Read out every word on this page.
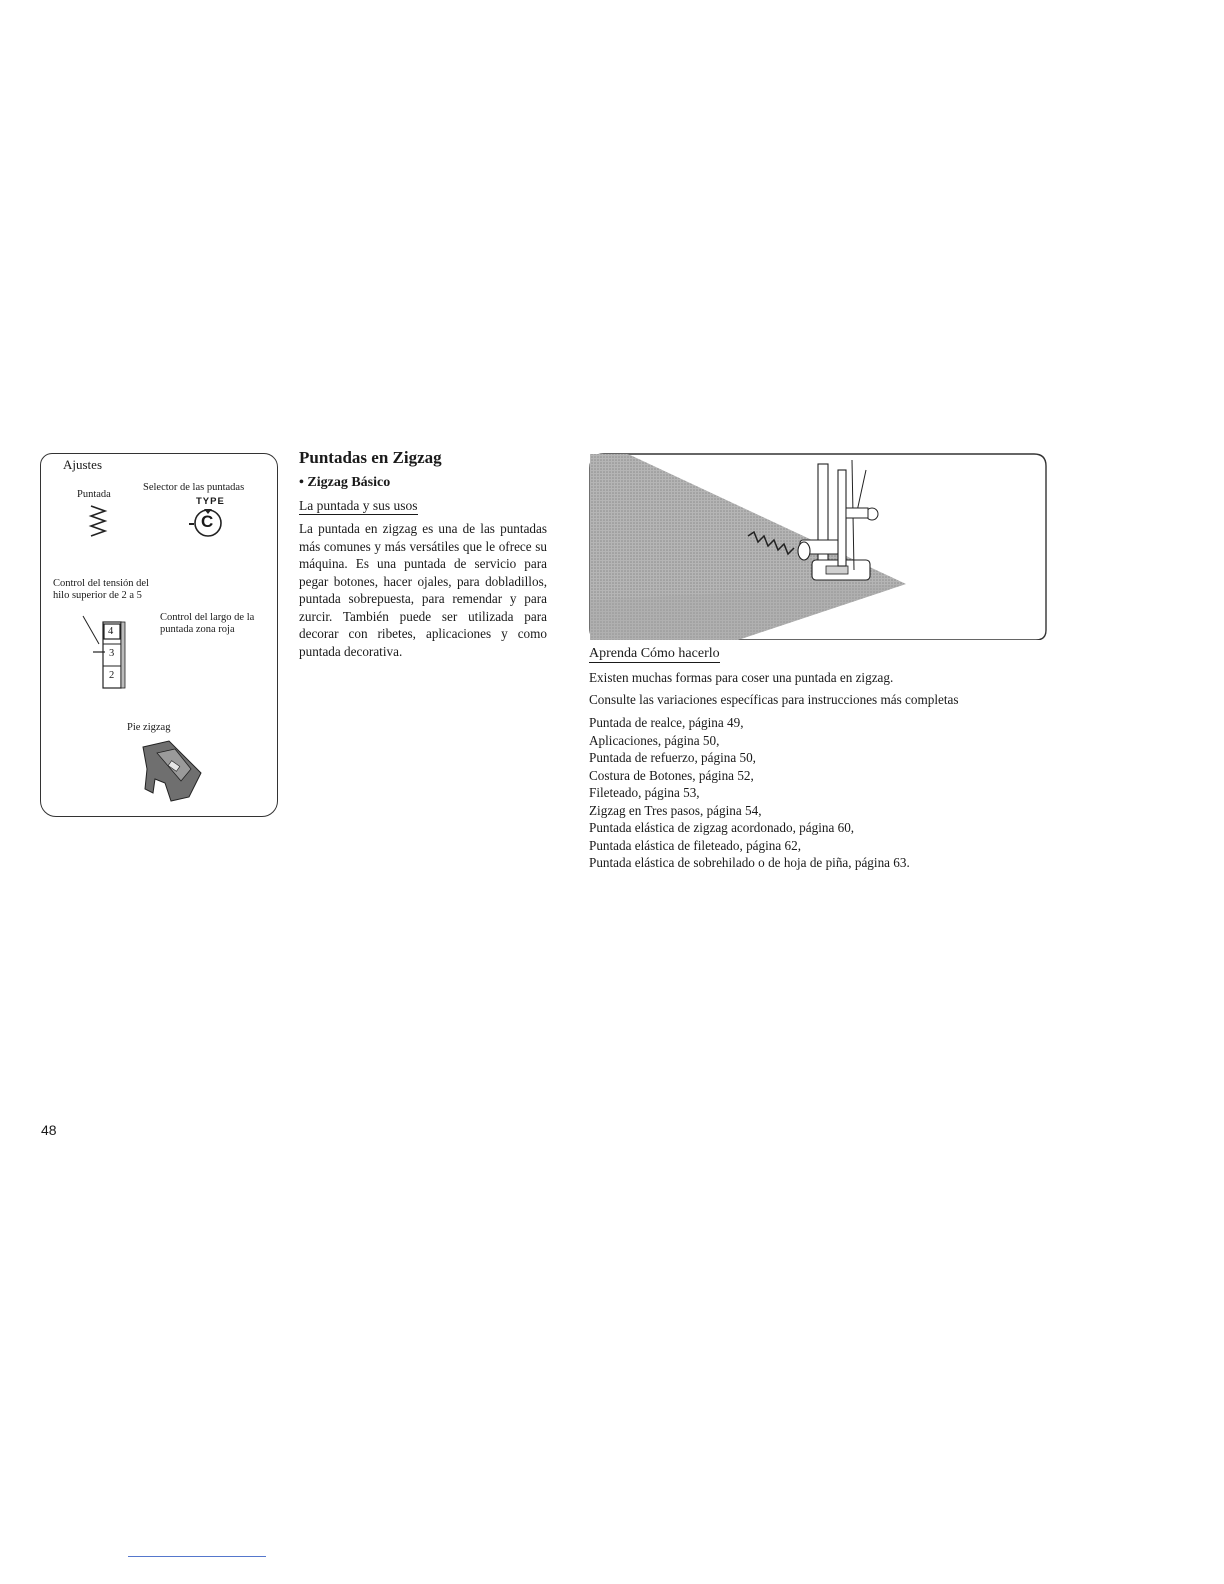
Ajustes
Puntada
Selector de las puntadas
TYPE
C
Control del tensión del hilo superior de 2 a 5
4
3
2
Control del largo de la puntada zona roja
Pie zigzag
Puntadas en Zigzag
• Zigzag Básico
La puntada y sus usos
La puntada en zigzag es una de las puntadas más comunes y más versátiles que le ofrece su máquina. Es una puntada de servicio para pegar botones, hacer ojales, para dobladillos, puntada sobrepuesta, para remendar y para zurcir. También puede ser utilizada para decorar con ribetes, aplicaciones y como puntada decorativa.	Aprenda Cómo hacerlo
Existen muchas formas para coser una puntada en zigzag.
Consulte las variaciones específicas para instrucciones más completas
Puntada de realce, página 49,
Aplicaciones, página 50,
Puntada de refuerzo, página 50,
Costura de Botones, página 52,
Fileteado, página 53,
Zigzag en Tres pasos, página 54,
Puntada elástica de zigzag acordonado, página 60,
Puntada elástica de fileteado, página 62,
Puntada elástica de sobrehilado o de hoja de piña, página 63.
48
